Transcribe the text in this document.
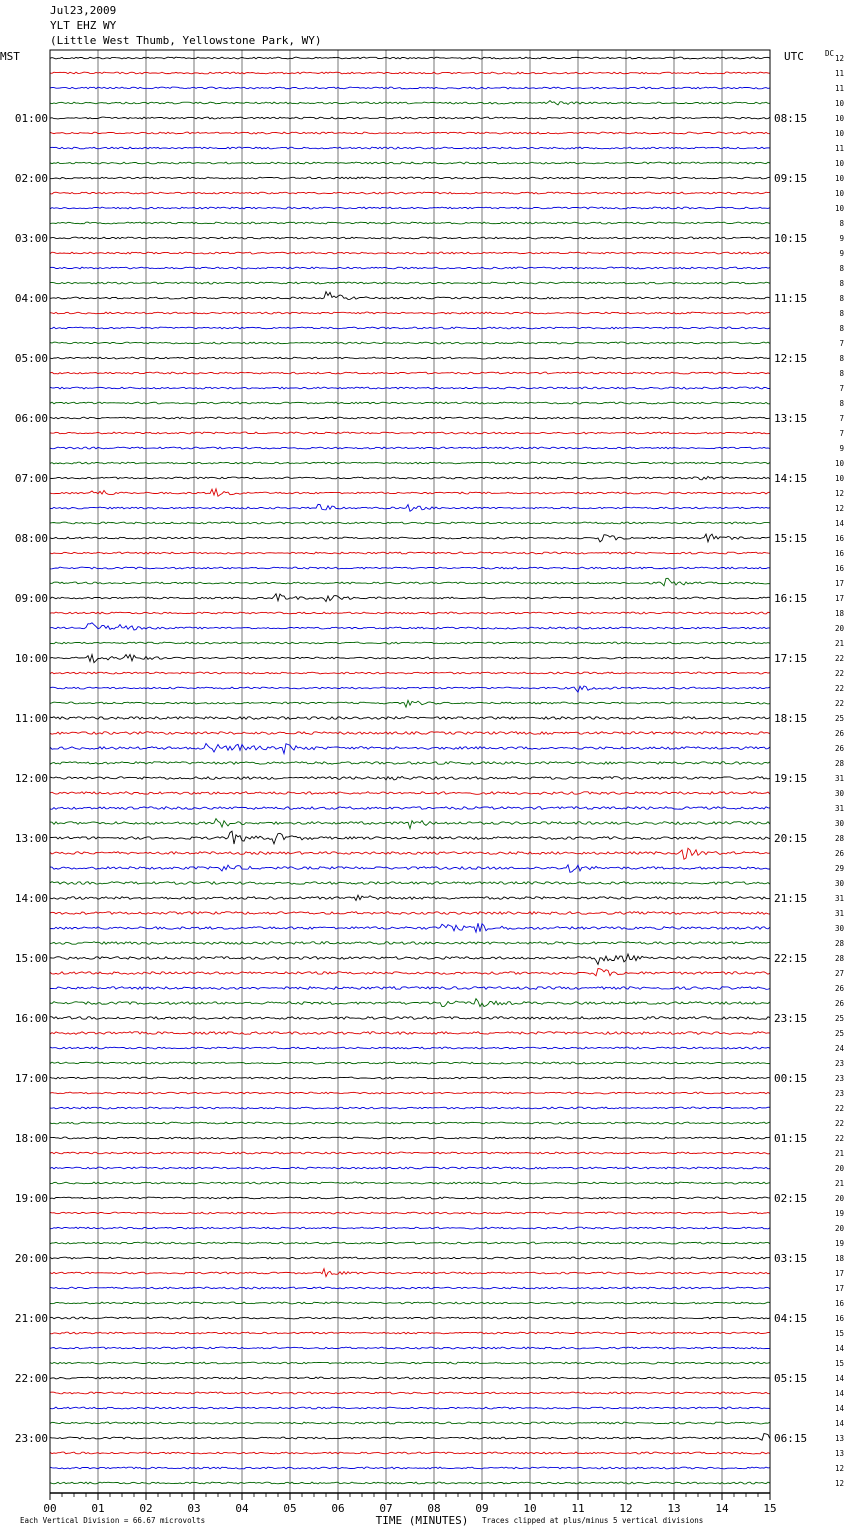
Jul23,2009
YLT EHZ WY
(Little West Thumb, Yellowstone Park, WY)
12
11
11
10
10
10
11
10
10
10
10
8
9
9
8
8
8
8
8
7
8
8
7
8
7
7
9
10
10
12
12
14
16
16
16
17
17
18
20
21
22
22
22
22
25
26
26
28
31
30
31
30
28
26
29
30
31
31
30
28
28
27
26
26
25
25
24
23
23
23
22
22
22
21
20
21
20
19
20
19
18
17
17
16
16
15
14
15
14
14
14
14
13
13
12
12
01:00
02:00
03:00
04:00
05:00
06:00
07:00
08:00
09:00
10:00
11:00
12:00
13:00
14:00
15:00
16:00
17:00
18:00
19:00
20:00
21:00
22:00
23:00
08:15
09:15
10:15
11:15
12:15
13:15
14:15
15:15
16:15
17:15
18:15
19:15
20:15
21:15
22:15
23:15
00:15
01:15
02:15
03:15
04:15
05:15
06:15
MST	UTC	DC
00	01	02	03	04	05	06	07	08	09	10	11	12	13	14	15
TIME (MINUTES)
Each Vertical Division = 66.67 microvolts	Traces clipped at plus/minus 5 vertical divisions
